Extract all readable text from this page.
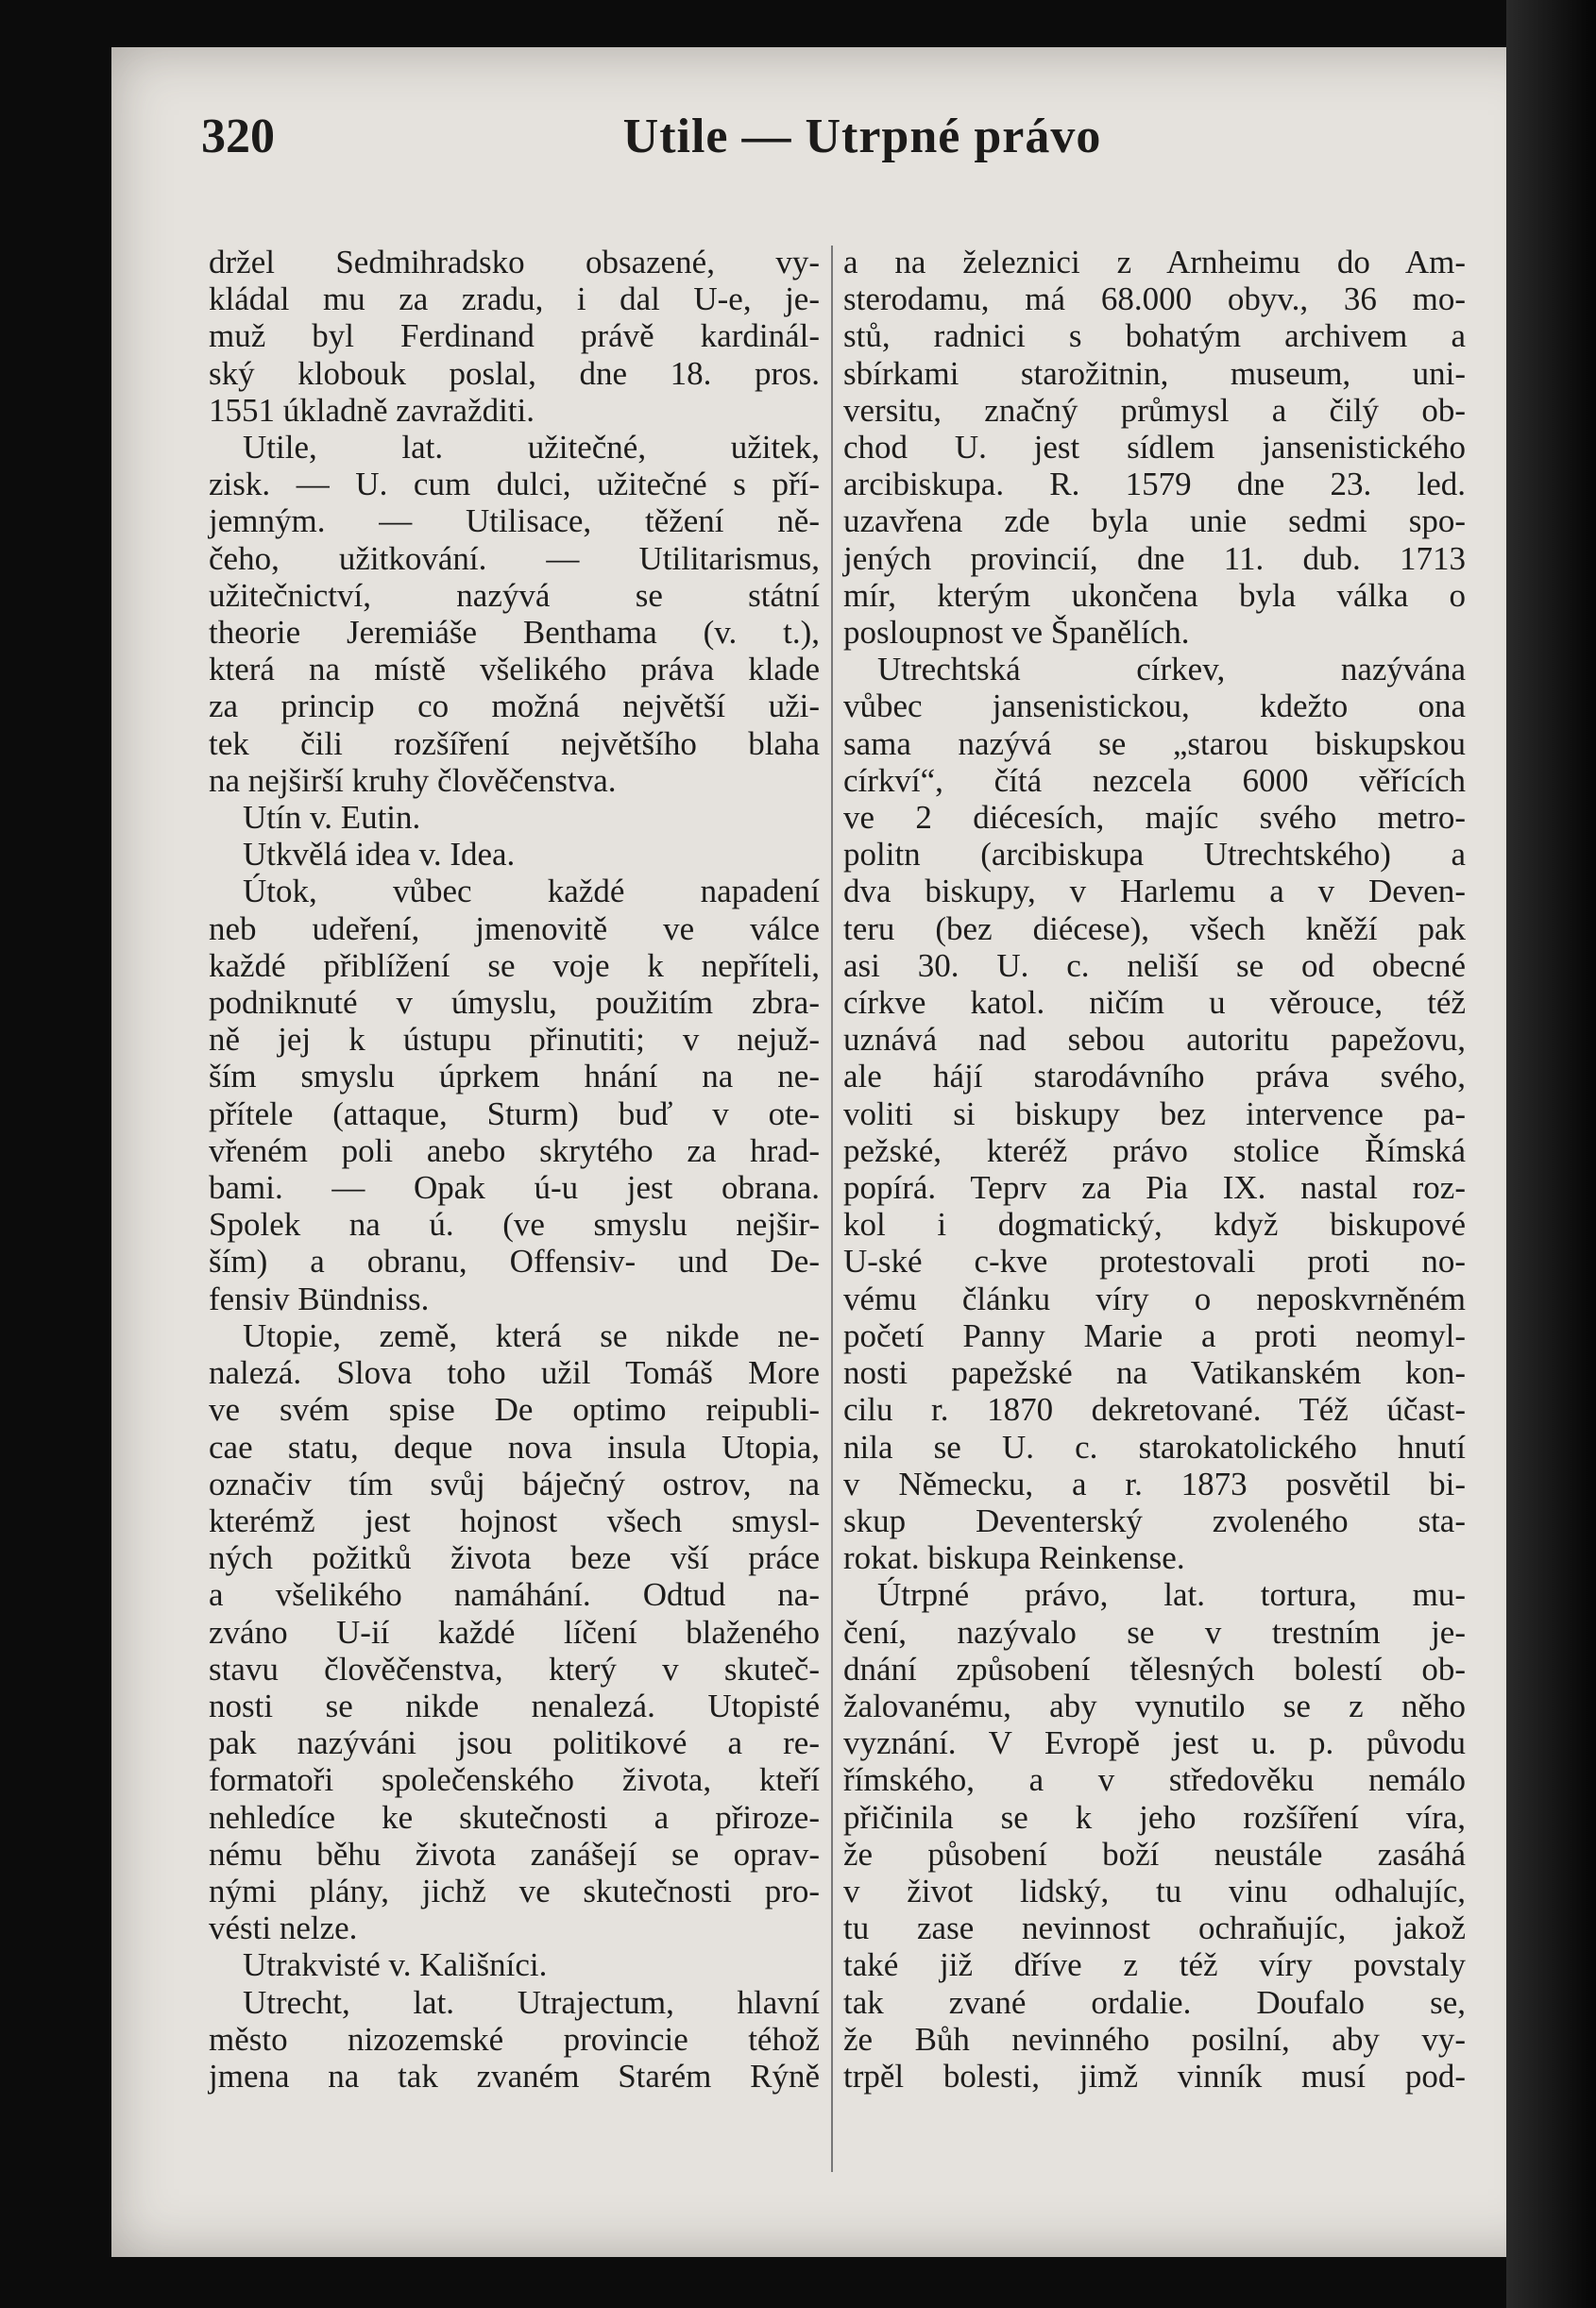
320	Utile — Utrpné právo
držel Sedmihradsko obsazené, vy-
kládal mu za zradu, i dal U-e, je-
muž byl Ferdinand právě kardinál-
ský klobouk poslal, dne 18. pros.
1551 úkladně zavražditi.
Utile, lat. užitečné, užitek,
zisk. — U. cum dulci, užitečné s pří-
jemným. — Utilisace, těžení ně-
čeho, užitkování. — Utilitarismus,
užitečnictví, nazývá se státní
theorie Jeremiáše Benthama (v. t.),
která na místě všelikého práva klade
za princip co možná největší uži-
tek čili rozšíření největšího blaha
na nejširší kruhy člověčenstva.
Utín v. Eutin.
Utkvělá idea v. Idea.
Útok, vůbec každé napadení
neb udeření, jmenovitě ve válce
každé přiblížení se voje k nepříteli,
podniknuté v úmyslu, použitím zbra-
ně jej k ústupu přinutiti; v nejuž-
ším smyslu úprkem hnání na ne-
přítele (attaque, Sturm) buď v ote-
vřeném poli anebo skrytého za hrad-
bami. — Opak ú-u jest obrana.
Spolek na ú. (ve smyslu nejšir-
ším) a obranu, Offensiv- und De-
fensiv Bündniss.
Utopie, země, která se nikde ne-
nalezá. Slova toho užil Tomáš More
ve svém spise De optimo reipubli-
cae statu, deque nova insula Utopia,
označiv tím svůj báječný ostrov, na
kterémž jest hojnost všech smysl-
ných požitků života beze vší práce
a všelikého namáhání. Odtud na-
zváno U-ií každé líčení blaženého
stavu člověčenstva, který v skuteč-
nosti se nikde nenalezá. Utopisté
pak nazýváni jsou politikové a re-
formatoři společenského života, kteří
nehledíce ke skutečnosti a přiroze-
nému běhu života zanášejí se oprav-
nými plány, jichž ve skutečnosti pro-
vésti nelze.
Utrakvisté v. Kališníci.
Utrecht, lat. Utrajectum, hlavní
město nizozemské provincie téhož
jmena na tak zvaném Starém Rýně
a na železnici z Arnheimu do Am-
sterodamu, má 68.000 obyv., 36 mo-
stů, radnici s bohatým archivem a
sbírkami starožitnin, museum, uni-
versitu, značný průmysl a čilý ob-
chod U. jest sídlem jansenistického
arcibiskupa. R. 1579 dne 23. led.
uzavřena zde byla unie sedmi spo-
jených provincií, dne 11. dub. 1713
mír, kterým ukončena byla válka o
posloupnost ve Španělích.
Utrechtská církev, nazývána
vůbec jansenistickou, kdežto ona
sama nazývá se „starou biskupskou
církví“, čítá nezcela 6000 věřících
ve 2 diécesích, majíc svého metro-
politn (arcibiskupa Utrechtského) a
dva biskupy, v Harlemu a v Deven-
teru (bez diécese), všech kněží pak
asi 30. U. c. neliší se od obecné
církve katol. ničím u věrouce, též
uznává nad sebou autoritu papežovu,
ale hájí starodávního práva svého,
voliti si biskupy bez intervence pa-
pežské, kteréž právo stolice Římská
popírá. Teprv za Pia IX. nastal roz-
kol i dogmatický, když biskupové
U-ské c-kve protestovali proti no-
vému článku víry o neposkvrněném
početí Panny Marie a proti neomyl-
nosti papežské na Vatikanském kon-
cilu r. 1870 dekretované. Též účast-
nila se U. c. starokatolického hnutí
v Německu, a r. 1873 posvětil bi-
skup Deventerský zvoleného sta-
rokat. biskupa Reinkense.
Útrpné právo, lat. tortura, mu-
čení, nazývalo se v trestním je-
dnání způsobení tělesných bolestí ob-
žalovanému, aby vynutilo se z něho
vyznání. V Evropě jest u. p. původu
římského, a v středověku nemálo
přičinila se k jeho rozšíření víra,
že působení boží neustále zasáhá
v život lidský, tu vinu odhalujíc,
tu zase nevinnost ochraňujíc, jakož
také již dříve z též víry povstaly
tak zvané ordalie. Doufalo se,
že Bůh nevinného posilní, aby vy-
trpěl bolesti, jimž vinník musí pod-
